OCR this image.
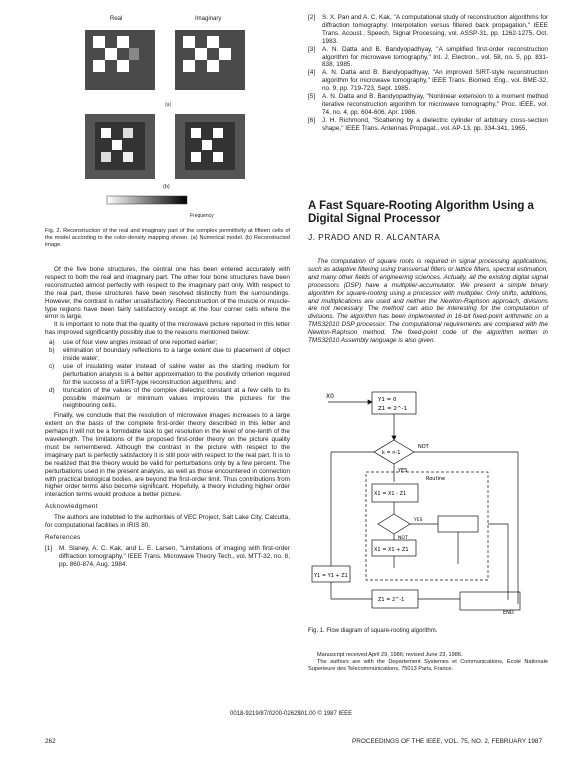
Real	Imaginary
(a)
(b)
Frequency

Fig. 2. Reconstruction of the real and imaginary part of the complex permittivity at fifteen cells of the model according to the color-density mapping shown. (a) Numerical model. (b) Reconstructed image.

Of the five bone structures, the central one has been entered accurately with respect to both the real and imaginary part. The other four bone structures have been reconstructed almost perfectly with respect to the imaginary part only. With respect to the real part, these structures have been resolved distinctly from the surroundings. However, the contrast is rather unsatisfactory. Reconstruction of the muscle or muscle-type regions have been fairly satisfactory except at the four corner cells where the error is large.

It is important to note that the quality of the microwave picture reported in this letter has improved significantly possibly due to the reasons mentioned below:

a)	use of four view angles instead of one reported earlier;
b)	elimination of boundary reflections to a large extent due to placement of object inside water;
c)	use of insulating water instead of saline water as the starting medium for perturbation analysis is a better approximation to the positivity criterion required for the success of a SIRT-type reconstruction algorithms; and
d)	truncation of the values of the complex dielectric constant at a few cells to its possible maximum or minimum values improves the pictures for the neighbouring cells.

Finally, we conclude that the resolution of microwave images increases to a large extent on the basis of the complete first-order theory described in this letter and perhaps it will not be a formidable task to get resolution in the level of one-tenth of the wavelength. The limitations of the proposed first-order theory on the picture quality must be remembered. Although the contrast in the picture with respect to the imaginary part is perfectly satisfactory it is still poor with respect to the real part. It is to be realized that the theory would be valid for perturbations only by a few percent. The perturbations used in the present analysis, as well as those encountered in connection with practical biological bodies, are beyond the first-order limit. Thus contributions from higher order terms also become significant. Hopefully, a theory including higher order interaction terms would produce a better picture.

Acknowledgment

The authors are indebted to the authorities of VEC Project, Salt Lake City, Calcutta, for computational facilities in IRIS 80.

References
[1]	M. Slaney, A. C. Kak, and L. E. Larsen, "Limitations of imaging with first-order diffraction tomography," IEEE Trans. Microwave Theory Tech., vol. MTT-32, no. 8, pp. 860-874, Aug. 1984.
[2]	S. X. Pan and A. C. Kak, "A computational study of reconstruction algorithms for diffraction tomography: Interpolation versus filtered back propagation," IEEE Trans. Acoust., Speech, Signal Processing, vol. ASSP-31, pp. 1262-1275, Oct. 1983.
[3]	A. N. Datta and B. Bandyopadhyay, "A simplified first-order reconstruction algorithm for microwave tomography," Int. J. Electron., vol. 58, no. 5, pp. 831-838, 1985.
[4]	A. N. Datta and B. Bandyopadhyay, "An improved SIRT-style reconstruction algorithm for microwave tomography," IEEE Trans. Biomed. Eng., vol. BME-32, no. 9, pp. 719-723, Sept. 1985.
[5]	A. N. Datta and B. Bandyopadhyay, "Nonlinear extension to a moment method iterative reconstruction algorithm for microwave tomography," Proc. IEEE, vol. 74, no. 4, pp. 604-606, Apr. 1986.
[6]	J. H. Richmond, "Scattering by a dielectric cylinder of arbitrary cross-section shape," IEEE Trans. Antennas Propagat., vol. AP-13, pp. 334-341, 1965.
A Fast Square-Rooting Algorithm Using a Digital Signal Processor
J. PRADO AND R. ALCANTARA

The computation of square roots is required in signal processing applications, such as adaptive filtering using transversal filters or lattice filters, spectral estimation, and many other fields of engineering sciences. Actually, all the existing digital signal processors (DSP) have a multiplier-accumulator. We present a simple binary algorithm for square-rooting using a processor with multiplier. Only shifts, additions, and multiplications are used and neither the Newton-Raphson approach, divisions are not necessary. The method can also be interesting for the computation of divisions. The algorithm has been implemented in 16-bit fixed-point arithmetic on a TMS32010 DSP processor. The computational requirements are compared with the Newton-Raphson method. The fixed-point code of the algorithm written in TMS32010 Assembly language is also given.

X0	Y1 = 0
Z1 = 2^-1
k = n-1
NOT
YES
Routine
X1 = X1 - Z1
X1 = X1 + Z1
YES
NOT
Y1 = Y1 + Z1
Z1 = 2^-1
END

Fig. 1. Flow diagram of square-rooting algorithm.

Manuscript received April 29, 1986; revised June 23, 1986.

The authors are with the Departement Systemes et Communications, Ecole Nationale Superieure des Telecommunications, 75013 Paris, France.

0018-9219/87/0200-0262$01.00 © 1987 IEEE
262	PROCEEDINGS OF THE IEEE, VOL. 75, NO. 2, FEBRUARY 1987
